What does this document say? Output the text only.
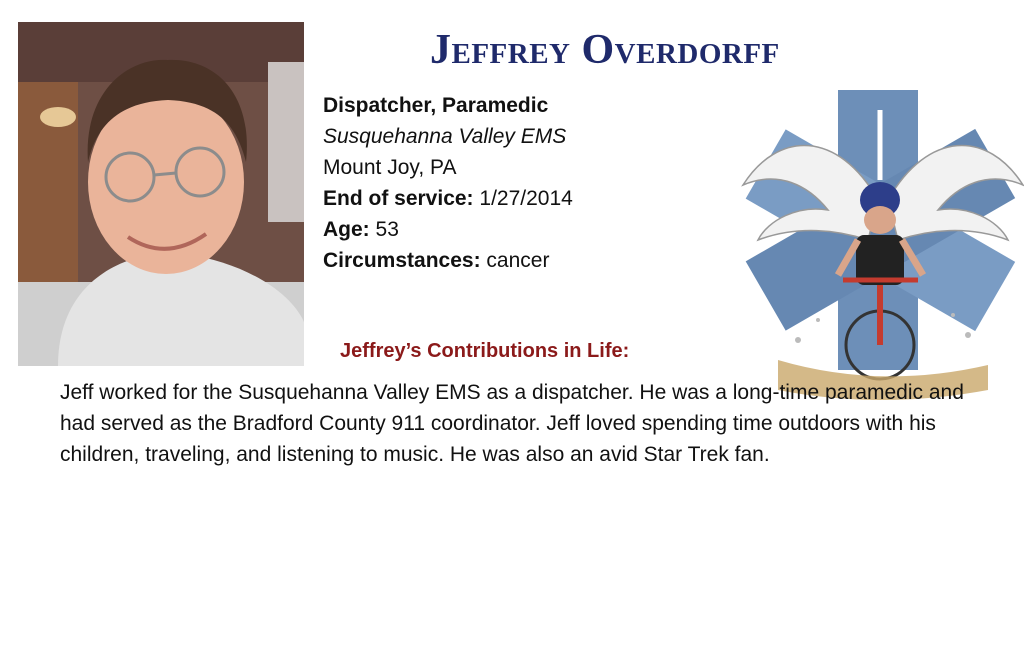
Jeffrey Overdorff
Dispatcher, Paramedic
Susquehanna Valley EMS
Mount Joy, PA
End of service: 1/27/2014
Age: 53
Circumstances: cancer
Jeffrey’s Contributions in Life:
Jeff worked for the Susquehanna Valley EMS as a dispatcher. He was a long-time paramedic and had served as the Bradford County 911 coordinator. Jeff loved spending time outdoors with his children, traveling, and listening to music. He was also an avid Star Trek fan.
